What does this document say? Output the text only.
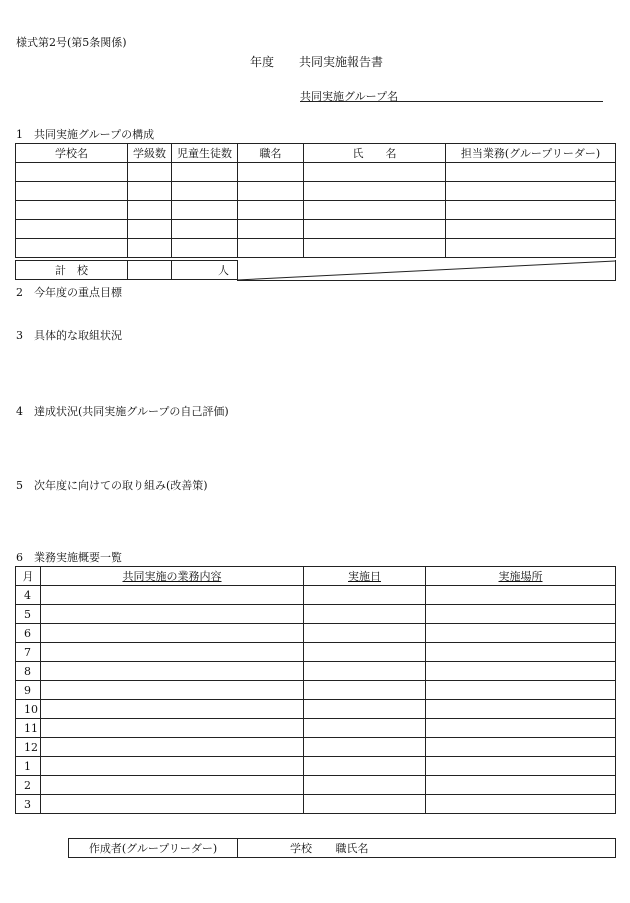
様式第2号(第5条関係)
年度 共同実施報告書
共同実施グループ名
1　共同実施グループの構成
学校名	学級数	児童生徒数	職名	氏　　名	担当業務(グループリーダー)

計　校		人
2　今年度の重点目標
3　具体的な取組状況
4　達成状況(共同実施グループの自己評価)
5　次年度に向けての取り組み(改善策)
6　業務実施概要一覧
月	共同実施の業務内容	実施日	実施場所
4			
5			
6			
7			
8			
9			
10			
11			
12			
1			
2			
3			
作成者(グループリーダー)	学校 職氏名
